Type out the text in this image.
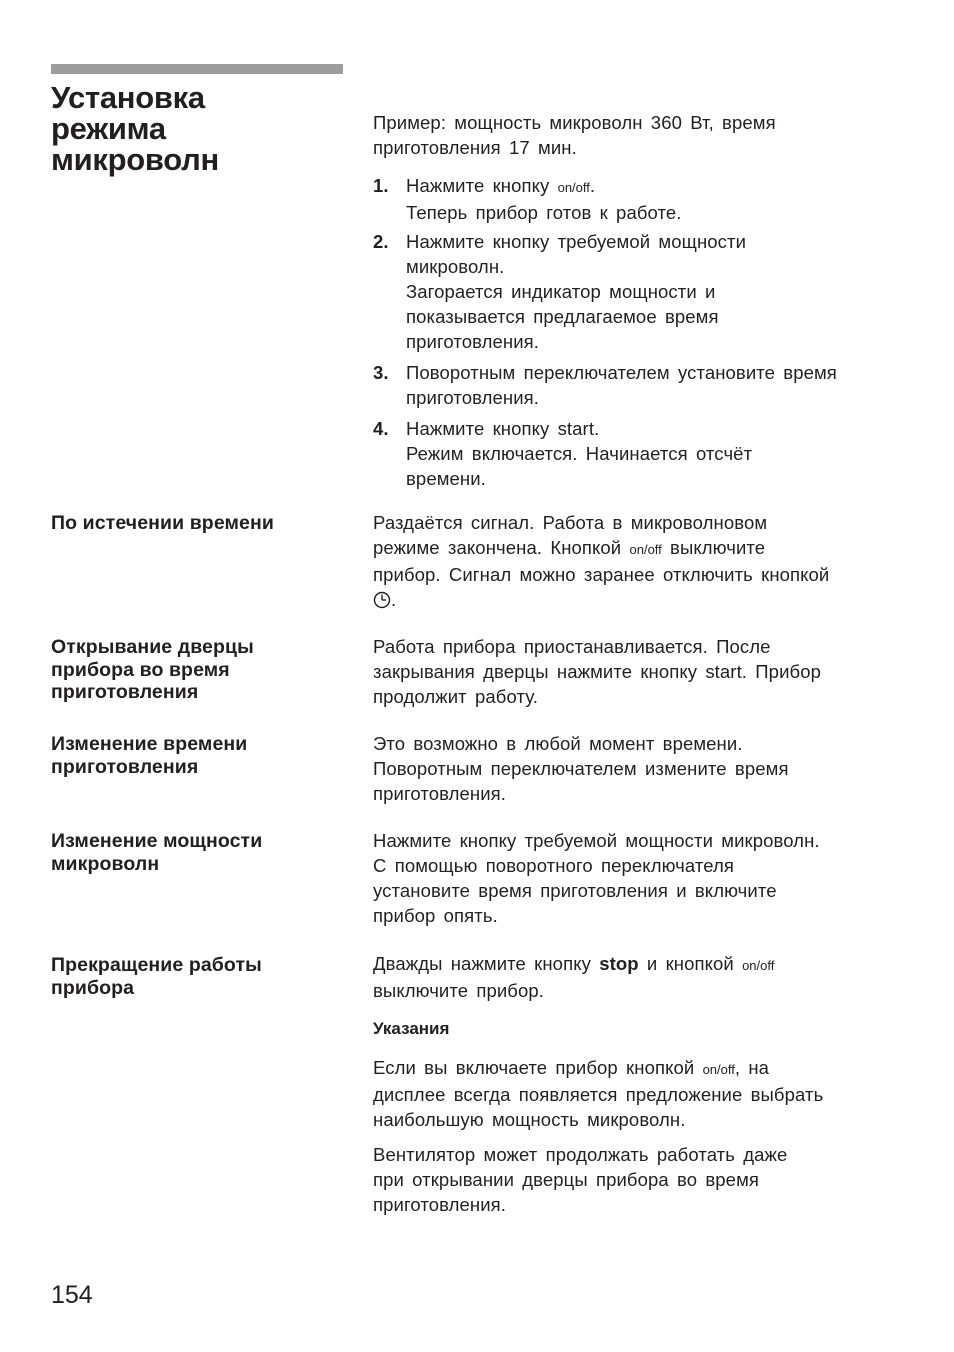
Установка
режима
микроволн

Пример: мощность микроволн 360 Вт, время
приготовления 17 мин.

1. Нажмите кнопку on/off.
Теперь прибор готов к работе.
2. Нажмите кнопку требуемой мощности
микроволн.
Загорается индикатор мощности и
показывается предлагаемое время
приготовления.
3. Поворотным переключателем установите время
приготовления.
4. Нажмите кнопку start.
Режим включается. Начинается отсчёт
времени.
По истечении времени	Раздаётся сигнал. Работа в микроволновом
режиме закончена. Кнопкой on/off выключите
прибор. Сигнал можно заранее отключить кнопкой
.

Открывание дверцы
прибора во время
приготовления

Работа прибора приостанавливается. После
закрывания дверцы нажмите кнопку start. Прибор
продолжит работу.

Изменение времени
приготовления

Это возможно в любой момент времени.
Поворотным переключателем измените время
приготовления.

Изменение мощности
микроволн

Нажмите кнопку требуемой мощности микроволн.
С помощью поворотного переключателя
установите время приготовления и включите
прибор опять.

Прекращение работы
прибора

Дважды нажмите кнопку stop и кнопкой on/off
выключите прибор.

Указания

Если вы включаете прибор кнопкой on/off, на
дисплее всегда появляется предложение выбрать
наибольшую мощность микроволн.

Вентилятор может продолжать работать даже
при открывании дверцы прибора во время
приготовления.

154
